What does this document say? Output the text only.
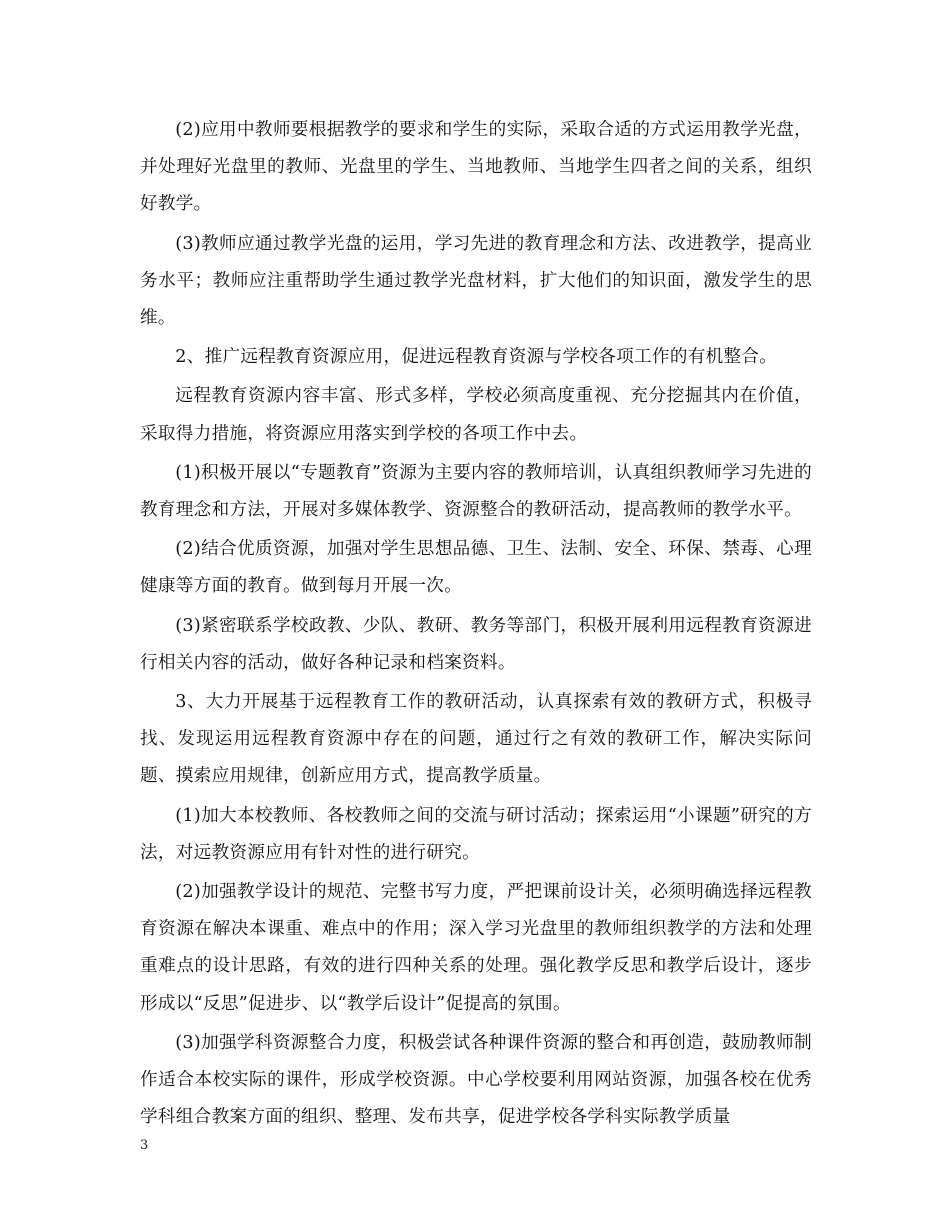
(2)应用中教师要根据教学的要求和学生的实际，采取合适的方式运用教学光盘，并处理好光盘里的教师、光盘里的学生、当地教师、当地学生四者之间的关系，组织好教学。

(3)教师应通过教学光盘的运用，学习先进的教育理念和方法、改进教学，提高业务水平；教师应注重帮助学生通过教学光盘材料，扩大他们的知识面，激发学生的思维。

2、推广远程教育资源应用，促进远程教育资源与学校各项工作的有机整合。

远程教育资源内容丰富、形式多样，学校必须高度重视、充分挖掘其内在价值，采取得力措施，将资源应用落实到学校的各项工作中去。

(1)积极开展以“专题教育”资源为主要内容的教师培训，认真组织教师学习先进的教育理念和方法，开展对多媒体教学、资源整合的教研活动，提高教师的教学水平。

(2)结合优质资源，加强对学生思想品德、卫生、法制、安全、环保、禁毒、心理健康等方面的教育。做到每月开展一次。

(3)紧密联系学校政教、少队、教研、教务等部门，积极开展利用远程教育资源进行相关内容的活动，做好各种记录和档案资料。

3、大力开展基于远程教育工作的教研活动，认真探索有效的教研方式，积极寻找、发现运用远程教育资源中存在的问题，通过行之有效的教研工作，解决实际问题、摸索应用规律，创新应用方式，提高教学质量。

(1)加大本校教师、各校教师之间的交流与研讨活动；探索运用“小课题”研究的方法，对远教资源应用有针对性的进行研究。

(2)加强教学设计的规范、完整书写力度，严把课前设计关，必须明确选择远程教育资源在解决本课重、难点中的作用；深入学习光盘里的教师组织教学的方法和处理重难点的设计思路，有效的进行四种关系的处理。强化教学反思和教学后设计，逐步形成以“反思”促进步、以“教学后设计”促提高的氛围。

(3)加强学科资源整合力度，积极尝试各种课件资源的整合和再创造，鼓励教师制作适合本校实际的课件，形成学校资源。中心学校要利用网站资源，加强各校在优秀学科组合教案方面的组织、整理、发布共享，促进学校各学科实际教学质量

3
